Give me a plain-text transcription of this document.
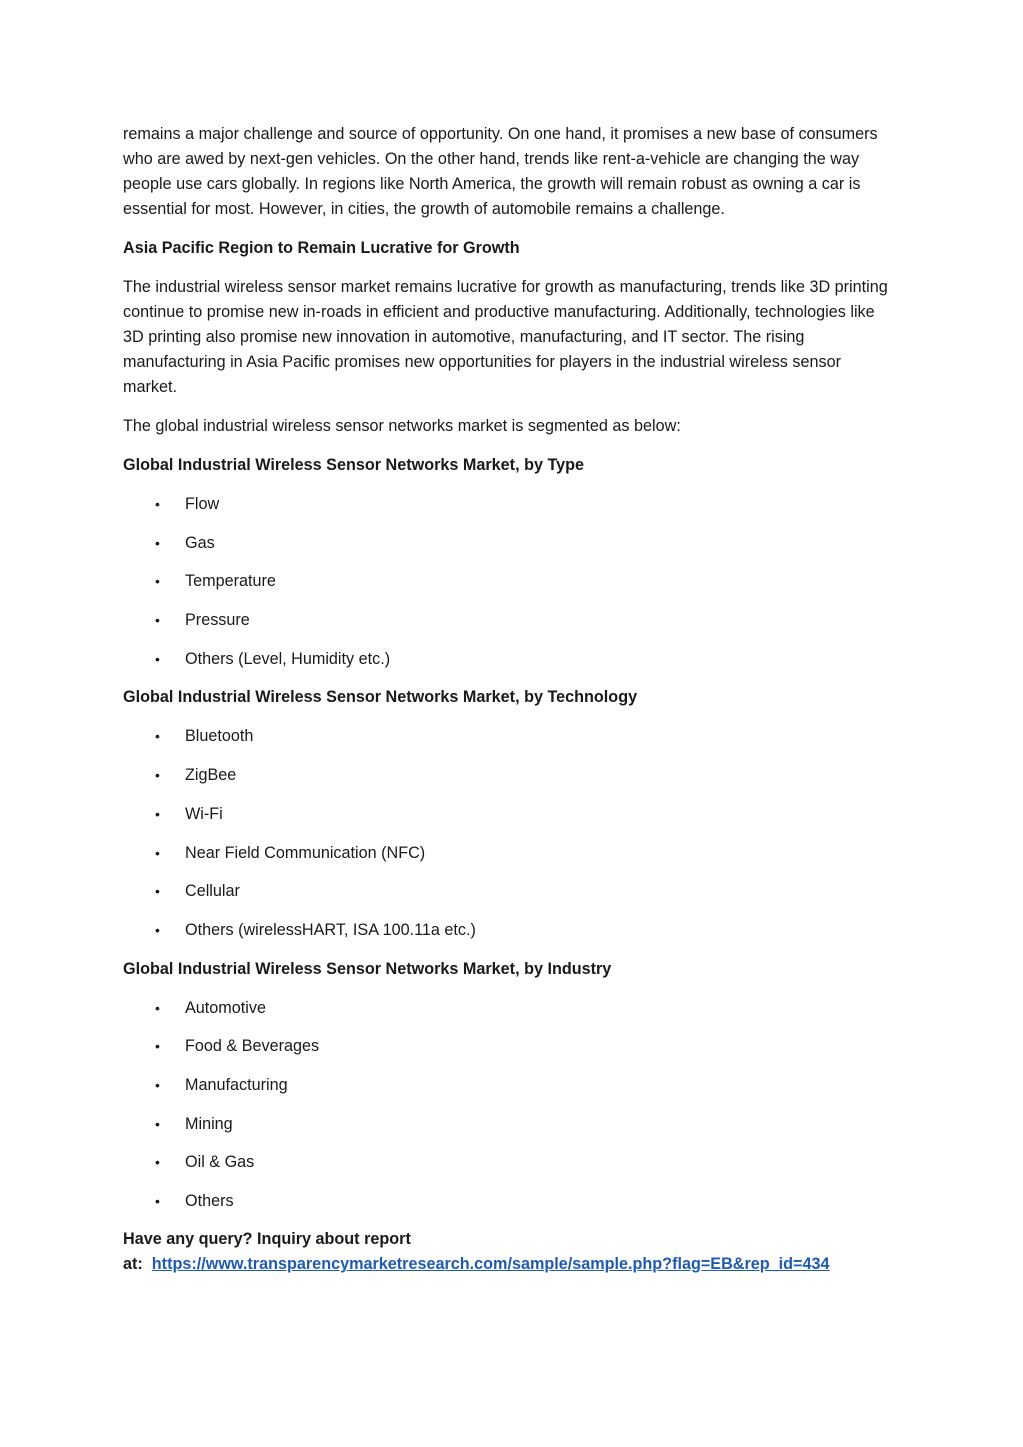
remains a major challenge and source of opportunity. On one hand, it promises a new base of consumers who are awed by next-gen vehicles. On the other hand, trends like rent-a-vehicle are changing the way people use cars globally. In regions like North America, the growth will remain robust as owning a car is essential for most. However, in cities, the growth of automobile remains a challenge.

Asia Pacific Region to Remain Lucrative for Growth

The industrial wireless sensor market remains lucrative for growth as manufacturing, trends like 3D printing continue to promise new in-roads in efficient and productive manufacturing. Additionally, technologies like 3D printing also promise new innovation in automotive, manufacturing, and IT sector. The rising manufacturing in Asia Pacific promises new opportunities for players in the industrial wireless sensor market.

The global industrial wireless sensor networks market is segmented as below:

Global Industrial Wireless Sensor Networks Market, by Type
• Flow
• Gas
• Temperature
• Pressure
• Others (Level, Humidity etc.)
Global Industrial Wireless Sensor Networks Market, by Technology
• Bluetooth
• ZigBee
• Wi-Fi
• Near Field Communication (NFC)
• Cellular
• Others (wirelessHART, ISA 100.11a etc.)
Global Industrial Wireless Sensor Networks Market, by Industry
• Automotive
• Food & Beverages
• Manufacturing
• Mining
• Oil & Gas
• Others
Have any query? Inquiry about report
at: https://www.transparencymarketresearch.com/sample/sample.php?flag=EB&rep_id=434
